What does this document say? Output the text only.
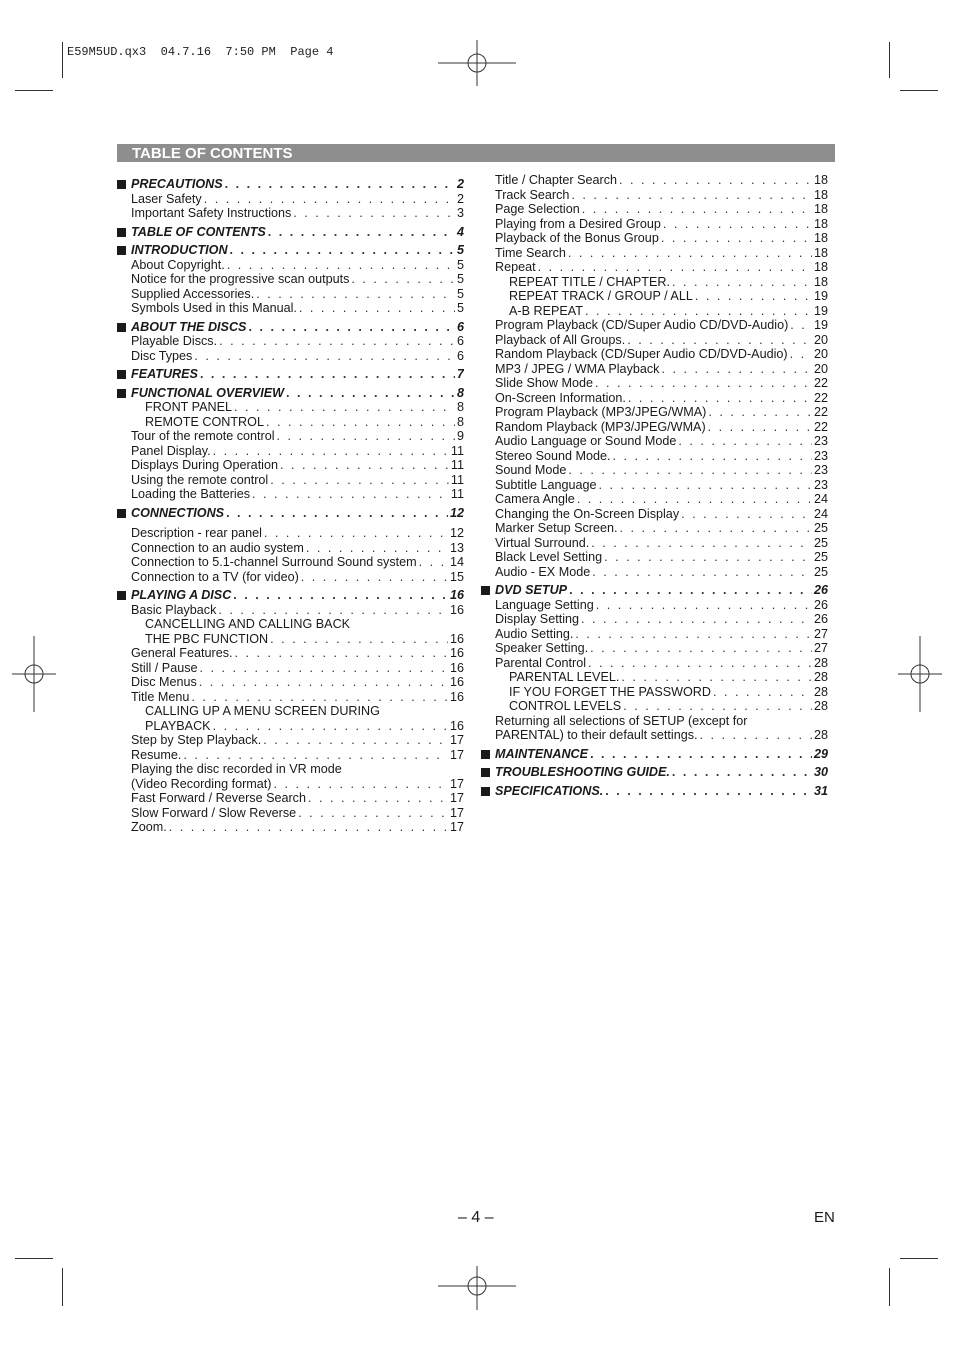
E59M5UD.qx3  04.7.16  7:50 PM  Page 4
TABLE OF CONTENTS
PRECAUTIONS . . .	2
Laser Safety . . .	2
Important Safety Instructions . . .	3
TABLE OF CONTENTS . . .	4
INTRODUCTION . . .	5
About Copyright. . . .	5
Notice for the progressive scan outputs . . .	5
Supplied Accessories. . . .	5
Symbols Used in this Manual. . . .	5
ABOUT THE DISCS . . .	6
Playable Discs. . . .	6
Disc Types . . .	6
FEATURES . . .	7
FUNCTIONAL OVERVIEW . . .	8
FRONT PANEL . . .	8
REMOTE CONTROL . . .	8
Tour of the remote control . . .	9
Panel Display. . . .	11
Displays During Operation . . .	11
Using the remote control . . .	11
Loading the Batteries . . .	11
CONNECTIONS . . .	12
Description - rear panel . . .	12
Connection to an audio system . . .	13
Connection to 5.1-channel Surround Sound system . . .	14
Connection to a TV (for video) . . .	15
PLAYING A DISC . . .	16
Basic Playback . . .	16
CANCELLING AND CALLING BACK
THE PBC FUNCTION . . .	16
General Features. . . .	16
Still / Pause . . .	16
Disc Menus . . .	16
Title Menu . . .	16
CALLING UP A MENU SCREEN DURING
PLAYBACK . . .	16
Step by Step Playback. . . .	17
Resume. . . .	17
Playing the disc recorded in VR mode
(Video Recording format) . . .	17
Fast Forward / Reverse Search . . .	17
Slow Forward / Slow Reverse . . .	17
Zoom. . . .	17
Title / Chapter Search . . .	18
Track Search . . .	18
Page Selection . . .	18
Playing from a Desired Group . . .	18
Playback of the Bonus Group . . .	18
Time Search . . .	18
Repeat . . .	18
REPEAT TITLE / CHAPTER. . . .	18
REPEAT TRACK / GROUP / ALL . . .	19
A-B REPEAT . . .	19
Program Playback (CD/Super Audio CD/DVD-Audio) . . . 19
Playback of All Groups. . . .	20
Random Playback (CD/Super Audio CD/DVD-Audio) . . . 20
MP3 / JPEG / WMA Playback . . .	20
Slide Show Mode . . .	22
On-Screen Information. . . .	22
Program Playback (MP3/JPEG/WMA) . . .	22
Random Playback (MP3/JPEG/WMA) . . .	22
Audio Language or Sound Mode . . .	23
Stereo Sound Mode. . . .	23
Sound Mode . . .	23
Subtitle Language . . .	23
Camera Angle . . .	24
Changing the On-Screen Display . . .	24
Marker Setup Screen. . . .	25
Virtual Surround. . . .	25
Black Level Setting . . .	25
Audio - EX Mode . . .	25
DVD SETUP . . .	26
Language Setting . . .	26
Display Setting . . .	26
Audio Setting. . . .	27
Speaker Setting. . . .	27
Parental Control . . .	28
PARENTAL LEVEL. . . .	28
IF YOU FORGET THE PASSWORD . . .	28
CONTROL LEVELS . . .	28
Returning all selections of SETUP (except for
PARENTAL) to their default settings. . . .	28
MAINTENANCE . . .	29
TROUBLESHOOTING GUIDE. . . .	30
SPECIFICATIONS. . . .	31
– 4 –	EN
